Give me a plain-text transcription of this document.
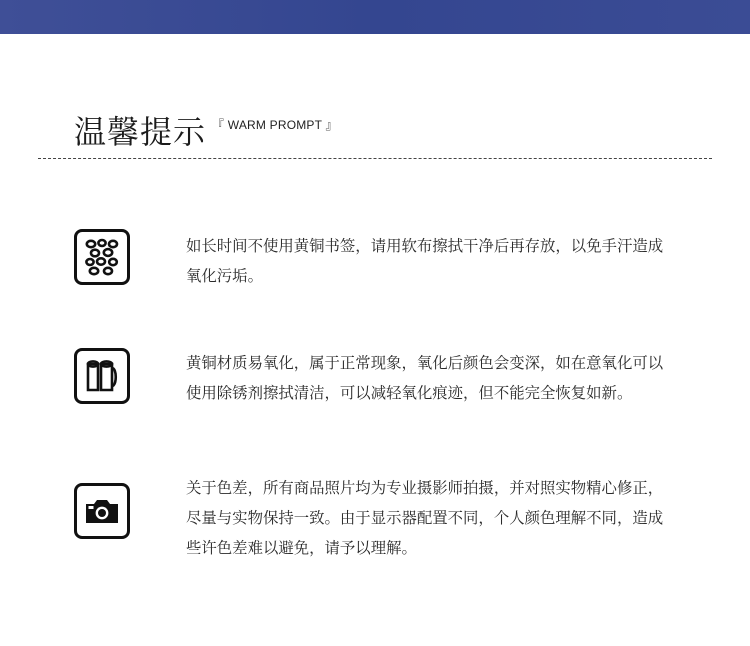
温馨提示 『 WARM PROMPT 』

如长时间不使用黄铜书签，请用软布擦拭干净后再存放，以免手汗造成氧化污垢。

黄铜材质易氧化，属于正常现象，氧化后颜色会变深，如在意氧化可以使用除锈剂擦拭清洁，可以减轻氧化痕迹，但不能完全恢复如新。

关于色差，所有商品照片均为专业摄影师拍摄，并对照实物精心修正，尽量与实物保持一致。由于显示器配置不同，个人颜色理解不同，造成些许色差难以避免，请予以理解。
